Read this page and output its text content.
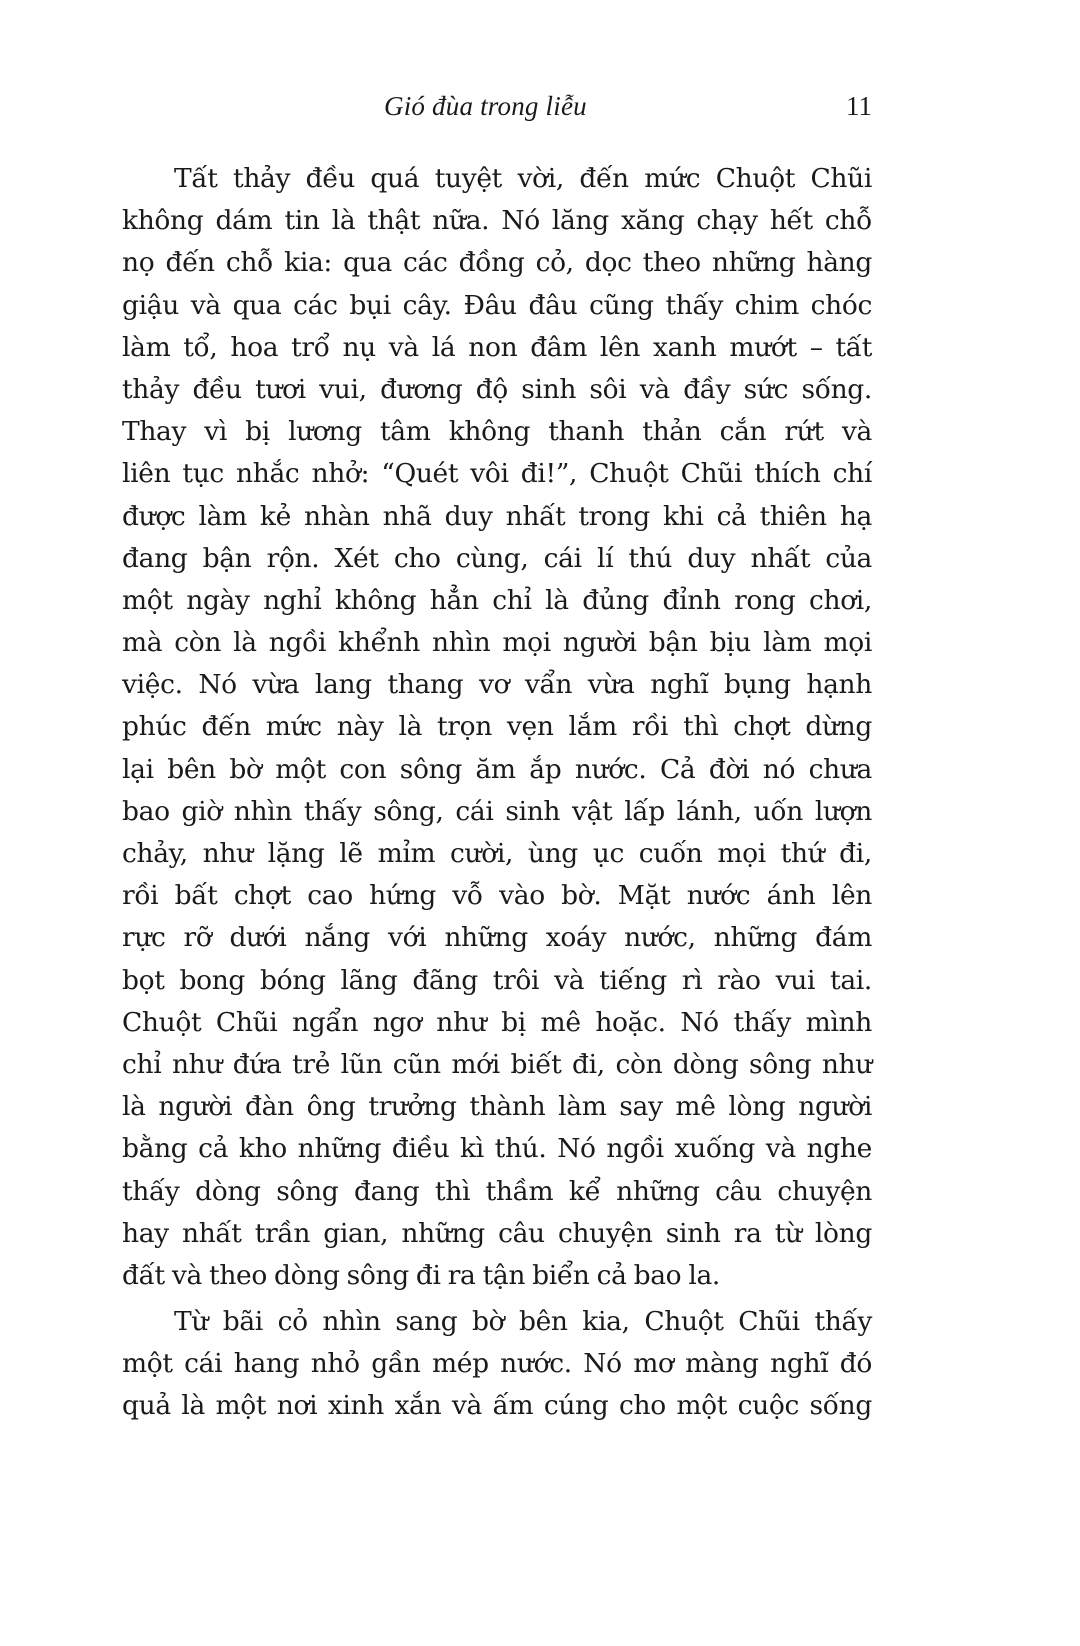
Gió đùa trong liễu	11
Tất thảy đều quá tuyệt vời, đến mức Chuột Chũi
không dám tin là thật nữa. Nó lăng xăng chạy hết chỗ
nọ đến chỗ kia: qua các đồng cỏ, dọc theo những hàng
giậu và qua các bụi cây. Đâu đâu cũng thấy chim chóc
làm tổ, hoa trổ nụ và lá non đâm lên xanh mướt – tất
thảy đều tươi vui, đương độ sinh sôi và đầy sức sống.
Thay vì bị lương tâm không thanh thản cắn rứt và
liên tục nhắc nhở: “Quét vôi đi!”, Chuột Chũi thích chí
được làm kẻ nhàn nhã duy nhất trong khi cả thiên hạ
đang bận rộn. Xét cho cùng, cái lí thú duy nhất của
một ngày nghỉ không hẳn chỉ là đủng đỉnh rong chơi,
mà còn là ngồi khểnh nhìn mọi người bận bịu làm mọi
việc. Nó vừa lang thang vơ vẩn vừa nghĩ bụng hạnh
phúc đến mức này là trọn vẹn lắm rồi thì chợt dừng
lại bên bờ một con sông ăm ắp nước. Cả đời nó chưa
bao giờ nhìn thấy sông, cái sinh vật lấp lánh, uốn lượn
chảy, như lặng lẽ mỉm cười, ùng ục cuốn mọi thứ đi,
rồi bất chợt cao hứng vỗ vào bờ. Mặt nước ánh lên
rực rỡ dưới nắng với những xoáy nước, những đám
bọt bong bóng lãng đãng trôi và tiếng rì rào vui tai.
Chuột Chũi ngẩn ngơ như bị mê hoặc. Nó thấy mình
chỉ như đứa trẻ lũn cũn mới biết đi, còn dòng sông như
là người đàn ông trưởng thành làm say mê lòng người
bằng cả kho những điều kì thú. Nó ngồi xuống và nghe
thấy dòng sông đang thì thầm kể những câu chuyện
hay nhất trần gian, những câu chuyện sinh ra từ lòng
đất và theo dòng sông đi ra tận biển cả bao la.
Từ bãi cỏ nhìn sang bờ bên kia, Chuột Chũi thấy
một cái hang nhỏ gần mép nước. Nó mơ màng nghĩ đó
quả là một nơi xinh xắn và ấm cúng cho một cuộc sống
